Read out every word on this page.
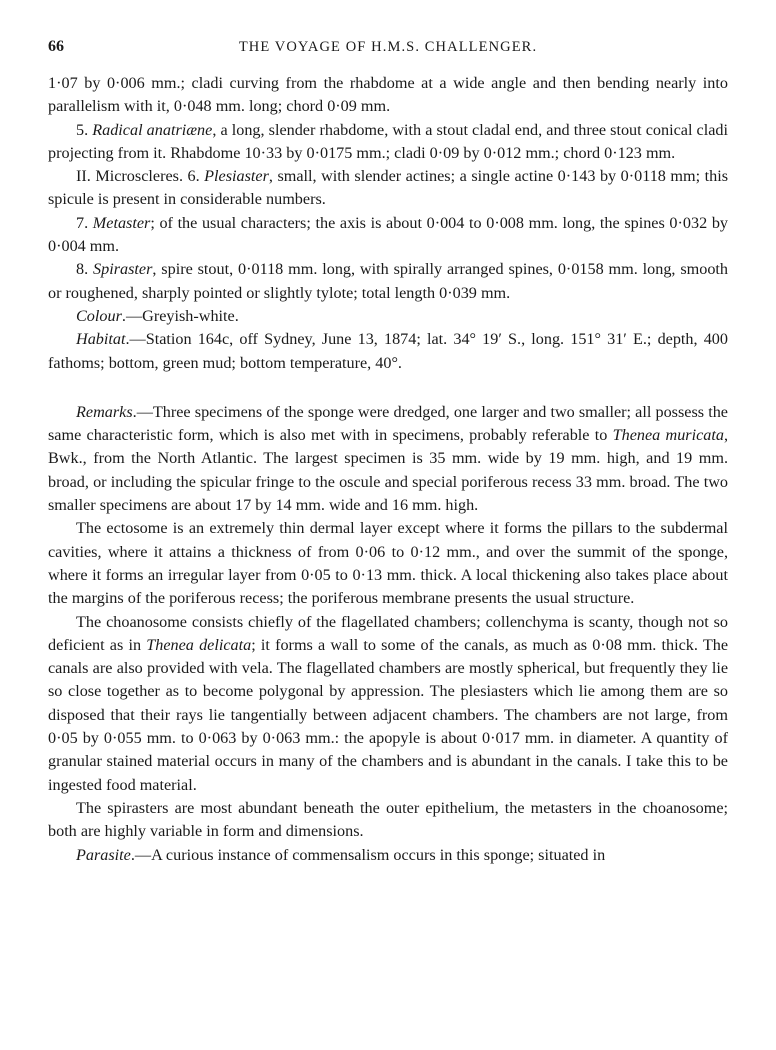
66	THE VOYAGE OF H.M.S. CHALLENGER.

1·07 by 0·006 mm.; cladi curving from the rhabdome at a wide angle and then bending nearly into parallelism with it, 0·048 mm. long; chord 0·09 mm.

5. Radical anatriæne, a long, slender rhabdome, with a stout cladal end, and three stout conical cladi projecting from it. Rhabdome 10·33 by 0·0175 mm.; cladi 0·09 by 0·012 mm.; chord 0·123 mm.

II. Microscleres. 6. Plesiaster, small, with slender actines; a single actine 0·143 by 0·0118 mm; this spicule is present in considerable numbers.

7. Metaster; of the usual characters; the axis is about 0·004 to 0·008 mm. long, the spines 0·032 by 0·004 mm.

8. Spiraster, spire stout, 0·0118 mm. long, with spirally arranged spines, 0·0158 mm. long, smooth or roughened, sharply pointed or slightly tylote; total length 0·039 mm.

Colour.—Greyish-white.

Habitat.—Station 164c, off Sydney, June 13, 1874; lat. 34° 19′ S., long. 151° 31′ E.; depth, 400 fathoms; bottom, green mud; bottom temperature, 40°.

Remarks.—Three specimens of the sponge were dredged, one larger and two smaller; all possess the same characteristic form, which is also met with in specimens, probably referable to Thenea muricata, Bwk., from the North Atlantic. The largest specimen is 35 mm. wide by 19 mm. high, and 19 mm. broad, or including the spicular fringe to the oscule and special poriferous recess 33 mm. broad. The two smaller specimens are about 17 by 14 mm. wide and 16 mm. high.

The ectosome is an extremely thin dermal layer except where it forms the pillars to the subdermal cavities, where it attains a thickness of from 0·06 to 0·12 mm., and over the summit of the sponge, where it forms an irregular layer from 0·05 to 0·13 mm. thick. A local thickening also takes place about the margins of the poriferous recess; the poriferous membrane presents the usual structure.

The choanosome consists chiefly of the flagellated chambers; collenchyma is scanty, though not so deficient as in Thenea delicata; it forms a wall to some of the canals, as much as 0·08 mm. thick. The canals are also provided with vela. The flagellated chambers are mostly spherical, but frequently they lie so close together as to become polygonal by appression. The plesiasters which lie among them are so disposed that their rays lie tangentially between adjacent chambers. The chambers are not large, from 0·05 by 0·055 mm. to 0·063 by 0·063 mm.: the apopyle is about 0·017 mm. in diameter. A quantity of granular stained material occurs in many of the chambers and is abundant in the canals. I take this to be ingested food material.

The spirasters are most abundant beneath the outer epithelium, the metasters in the choanosome; both are highly variable in form and dimensions.

Parasite.—A curious instance of commensalism occurs in this sponge; situated in
